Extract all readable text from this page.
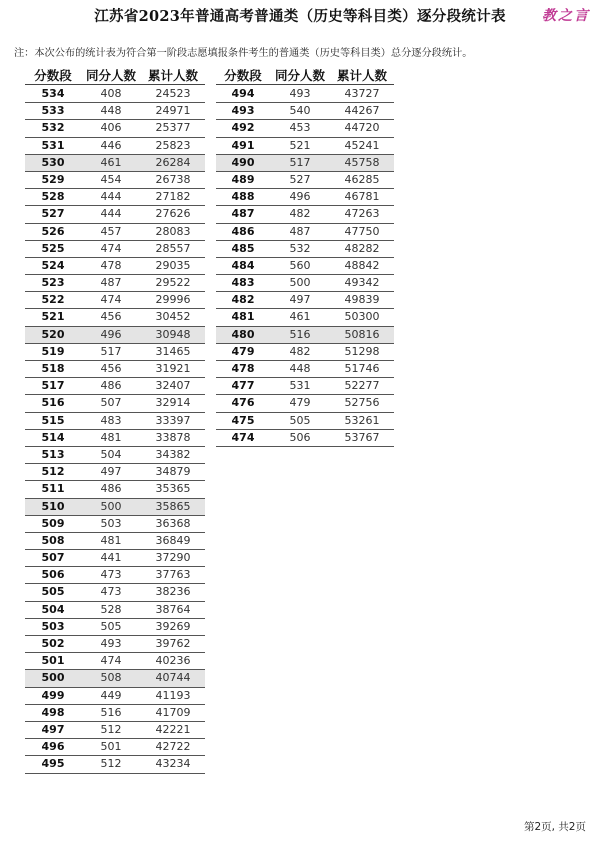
江苏省2023年普通高考普通类（历史等科目类）逐分段统计表	教之言
注：本次公布的统计表为符合第一阶段志愿填报条件考生的普通类（历史等科目类）总分逐分段统计。
分数段	同分人数 累计人数
534	408	24523
533	448	24971
532	406	25377
531	446	25823
530	461	26284
529	454	26738
528	444	27182
527	444	27626
526	457	28083
525	474	28557
524	478	29035
523	487	29522
522	474	29996
521	456	30452
520	496	30948
519	517	31465
518	456	31921
517	486	32407
516	507	32914
515	483	33397
514	481	33878
513	504	34382
512	497	34879
511	486	35365
510	500	35865
509	503	36368
508	481	36849
507	441	37290
506	473	37763
505	473	38236
504	528	38764
503	505	39269
502	493	39762
501	474	40236
500	508	40744
499	449	41193
498	516	41709
497	512	42221
496	501	42722
495	512	43234
分数段	同分人数 累计人数
494	493	43727
493	540	44267
492	453	44720
491	521	45241
490	517	45758
489	527	46285
488	496	46781
487	482	47263
486	487	47750
485	532	48282
484	560	48842
483	500	49342
482	497	49839
481	461	50300
480	516	50816
479	482	51298
478	448	51746
477	531	52277
476	479	52756
475	505	53261
474	506	53767
第2页, 共2页
